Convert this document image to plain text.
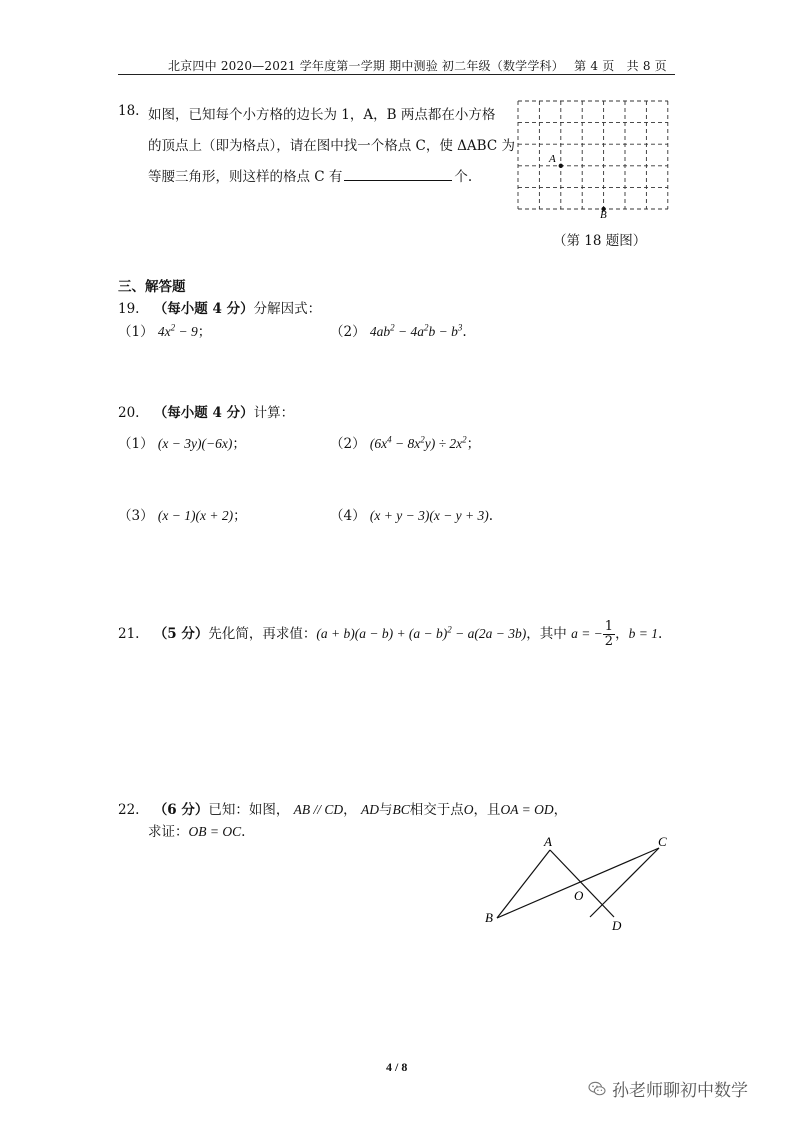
北京四中 2020—2021 学年度第一学期 期中测验 初二年级（数学学科）　 第 4 页　共 8 页
18. 如图，已知每个小方格的边长为 1，A，B 两点都在小方格
的顶点上（即为格点），请在图中找一个格点 C，使 ΔABC 为
等腰三角形，则这样的格点 C 有	个.
A
B
（第 18 题图）
三、解答题
19. （每小题 4 分）分解因式：
（1） $4x^2 - 9$；	（2） $4ab^2 - 4a^2b - b^3$.
20. （每小题 4 分）计算：
（1） (x − 3y)(−6x)；	（2） $(6x^4 - 8x^2y) \div 2x^2$；
（3） (x − 1)(x + 2)；	（4） (x + y − 3)(x − y + 3).
21. （5 分）先化简，再求值：$(a + b)(a - b) + (a - b)^2 - a(2a - 3b)$，其中 a = − $\frac{1}{2}$ ，b = 1.
22. （6 分）已知：如图， AB // CD， AD与BC相交于点O，且OA = OD，
求证：OB = OC.
A
B
C
D
O
4 / 8
孙老师聊初中数学
